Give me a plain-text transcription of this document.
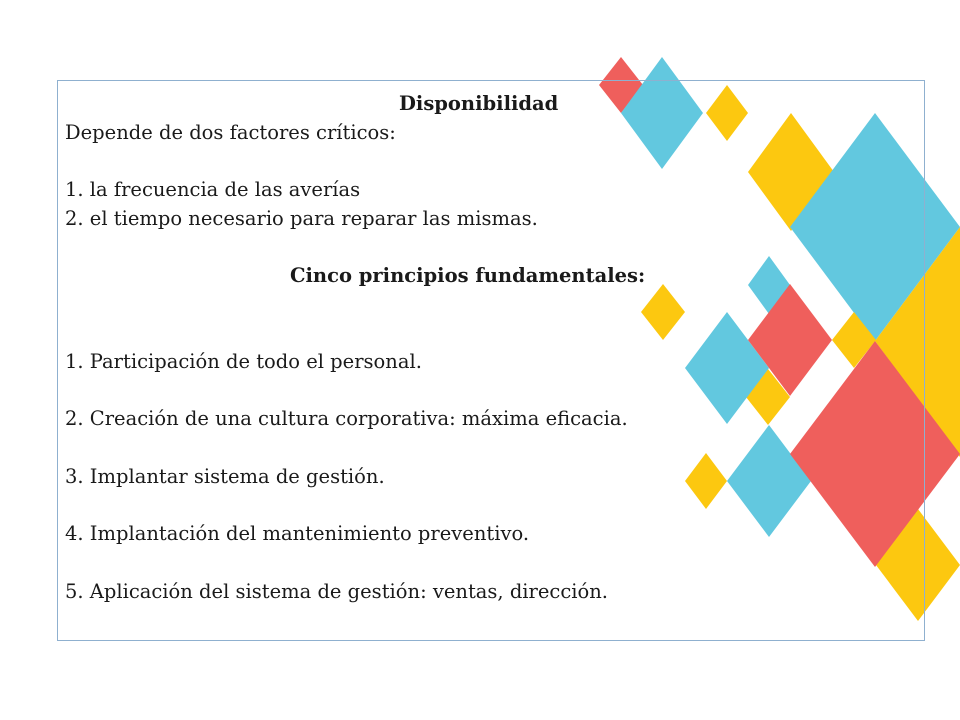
Disponibilidad
Depende de dos factores críticos:
1. la frecuencia de las averías
2. el tiempo necesario para reparar las mismas.
Cinco principios fundamentales:
1. Participación de todo el personal.
2. Creación de una cultura corporativa: máxima eficacia.
3. Implantar sistema de gestión.
4. Implantación del mantenimiento preventivo.
5. Aplicación del sistema de gestión: ventas, dirección.
